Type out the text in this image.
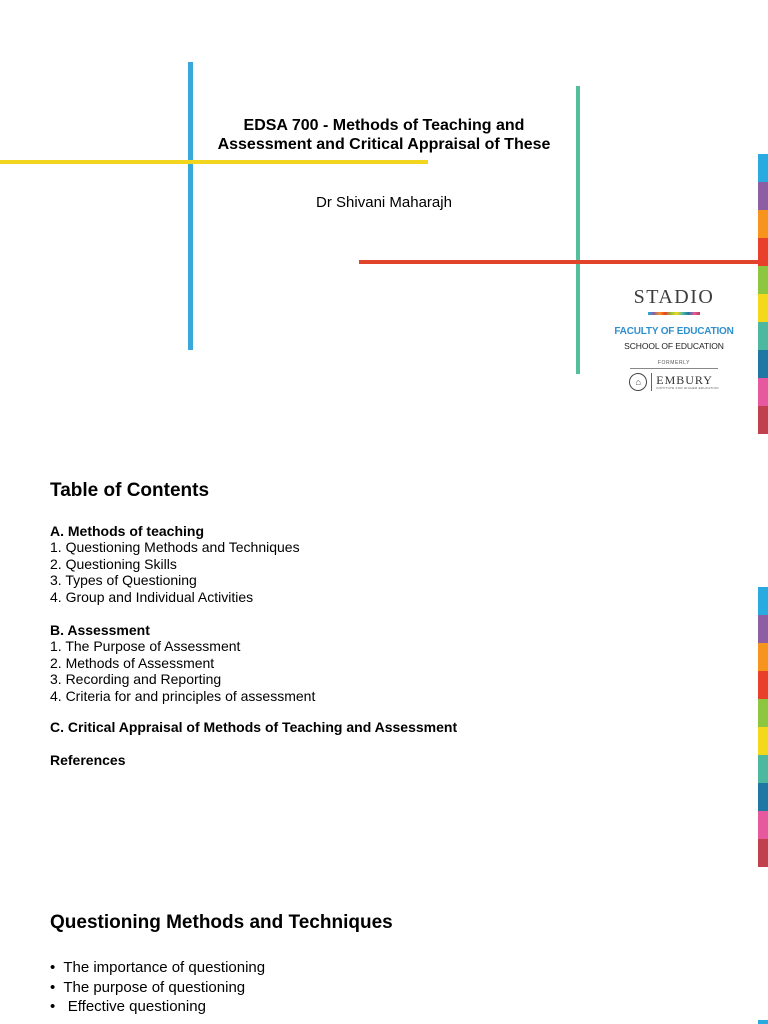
EDSA 700 - Methods of Teaching and
Assessment and Critical Appraisal of These
Dr Shivani Maharajh
STADIO
FACULTY OF EDUCATION
SCHOOL OF EDUCATION
FORMERLY
⌂	EMBURY
INSTITUTE FOR HIGHER EDUCATION
Table of Contents
A. Methods of teaching
1. Questioning Methods and Techniques
2. Questioning Skills
3. Types of Questioning
4. Group and Individual Activities
B. Assessment
1. The Purpose of Assessment
2. Methods of Assessment
3. Recording and Reporting
4. Criteria for and principles of assessment
C. Critical Appraisal of Methods of Teaching and Assessment
References
Questioning Methods and Techniques
•  The importance of questioning
•  The purpose of questioning
•   Effective questioning
